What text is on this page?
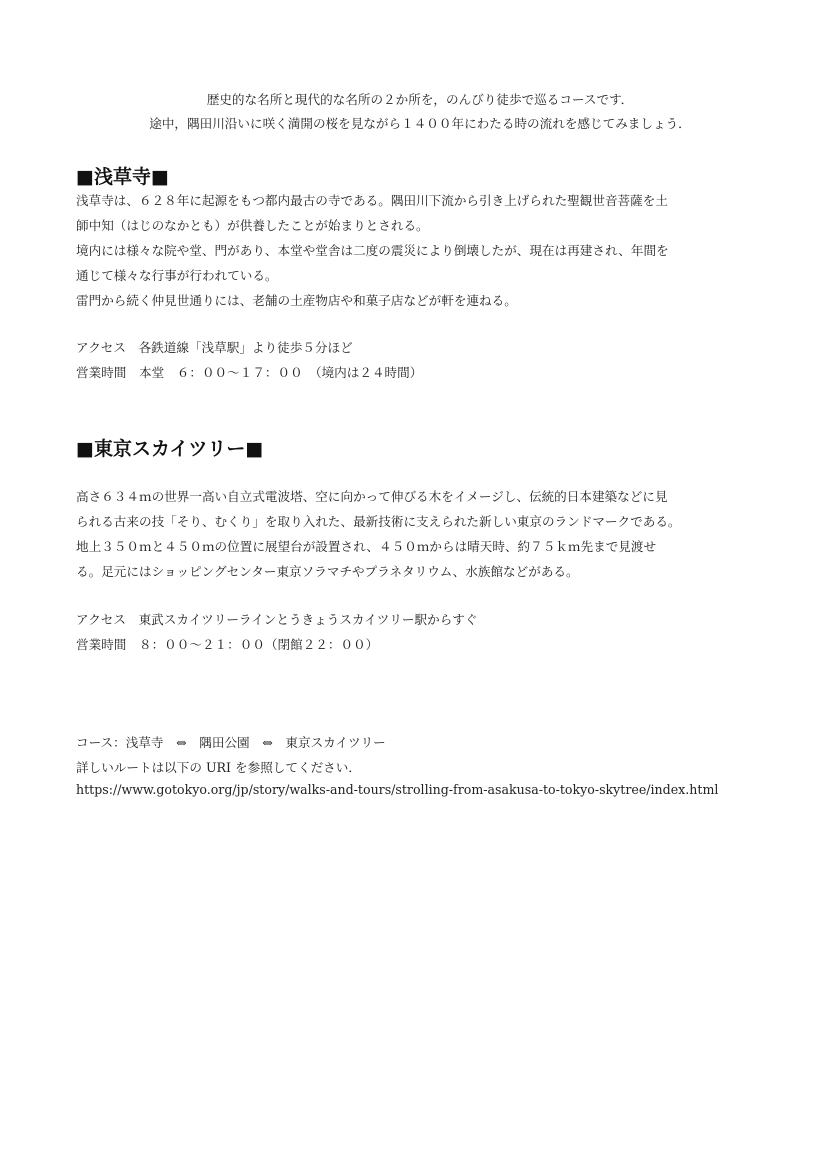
歴史的な名所と現代的な名所の２か所を，のんびり徒歩で巡るコースです．

途中，隅田川沿いに咲く満開の桜を見ながら１４００年にわたる時の流れを感じてみましょう．

■浅草寺■

浅草寺は、６２８年に起源をもつ都内最古の寺である。隅田川下流から引き上げられた聖観世音菩薩を土

師中知（はじのなかとも）が供養したことが始まりとされる。

境内には様々な院や堂、門があり、本堂や堂舎は二度の震災により倒壊したが、現在は再建され、年間を

通じて様々な行事が行われている。

雷門から続く仲見世通りには、老舗の土産物店や和菓子店などが軒を連ねる。

アクセス　各鉄道線「浅草駅」より徒歩５分ほど

営業時間　本堂　６：００～１７：００　（境内は２４時間）

■東京スカイツリー■

高さ６３４ｍの世界一高い自立式電波塔、空に向かって伸びる木をイメージし、伝統的日本建築などに見

られる古来の技「そり、むくり」を取り入れた、最新技術に支えられた新しい東京のランドマークである。

地上３５０ｍと４５０ｍの位置に展望台が設置され、４５０ｍからは晴天時、約７５ｋｍ先まで見渡せ

る。足元にはショッピングセンター東京ソラマチやプラネタリウム、水族館などがある。

アクセス　東武スカイツリーラインとうきょうスカイツリー駅からすぐ

営業時間　８：００～２１：００（閉館２２：００）

コース：浅草寺　⇔　隅田公園　⇔　東京スカイツリー

詳しいルートは以下の URI を参照してください．

https://www.gotokyo.org/jp/story/walks-and-tours/strolling-from-asakusa-to-tokyo-skytree/index.html
